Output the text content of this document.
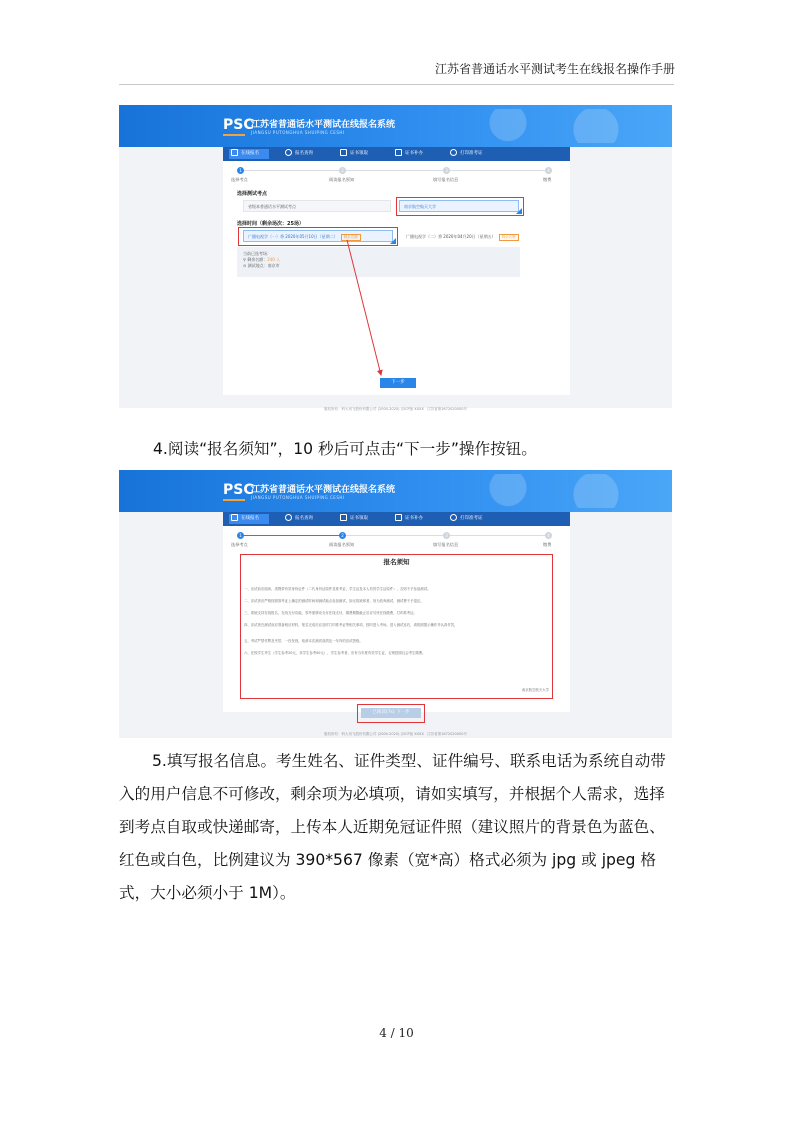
江苏省普通话水平测试考生在线报名操作手册
PSC
江苏省普通话水平测试在线报名系统
JIANGSU PUTONGHUA SHUIPING CESHI
在线报名	报名查询	证书领取	证书补办	打印准考证
1	2	3	4
选择考点	阅读报名须知	填写报名信息	缴费
选择测试考点
省级本普通话水平测试考点	南京航空航天大学
选择时间（剩余场次：25场）
广播电视学（一）将 2020年05月10日（星期二） 剩余名额	广播电视学（二）将 2020年04月20日（星期五） 剩余名额
当前已选考场：
⚲ 剩余名额：240 人
⊙ 测试地点：南京市
下一步
版权所有：科大讯飞股份有限公司 (2000-2020) 京ICP备 XXXX 江苏省第1672020000号
4.阅读“报名须知”，10 秒后可点击“下一步”操作按钮。
PSC
江苏省普通话水平测试在线报名系统
JIANGSU PUTONGHUA SHUIPING CESHI
在线报名	报名查询	证书领取	证书补办	打印准考证
1	2	3	4
选择考点	阅读报名须知	填写报名信息	缴费
报名须知
一、应试前应阅读，须携带有效身份证件（二代身份证原件及准考证，学生证及本人有效学生证原件），否则不予参加测试。
二、应试者应严格按照准考证上确定的测试时间和测试地点参加测试，如无故缺席者，视为放弃测试，测试费不予退还。
三、系统支持在线报名，在线支付功能，零考需移动支付在线支付，缴费期限截止后应尽快在线缴费，打印准考证。
四、应试者在测试前应准备相应材料，报名完成后应及时打印准考证等相关事项，按时进入考场。进入测试室后，请按照提示操作并认真作答，
五、考试严禁作弊及夹带，一经发现，取消本次测试成绩及一年内的应试资格。
六、在校学生考生（学生参考20元，非学生参考50元），学生参考者，应有当年度有效学生证，否则按照社会考生缴费。
南京航空航天大学
已阅读(7s) 下一步
版权所有：科大讯飞股份有限公司 (2000-2020) 京ICP备 XXXX 江苏省第1672020000号
5.填写报名信息。考生姓名、证件类型、证件编号、联系电话为系统自动带入的用户信息不可修改，剩余项为必填项，请如实填写，并根据个人需求，选择到考点自取或快递邮寄，上传本人近期免冠证件照（建议照片的背景色为蓝色、红色或白色，比例建议为 390*567 像素（宽*高）格式必须为 jpg 或 jpeg 格式，大小必须小于 1M）。
4 / 10
